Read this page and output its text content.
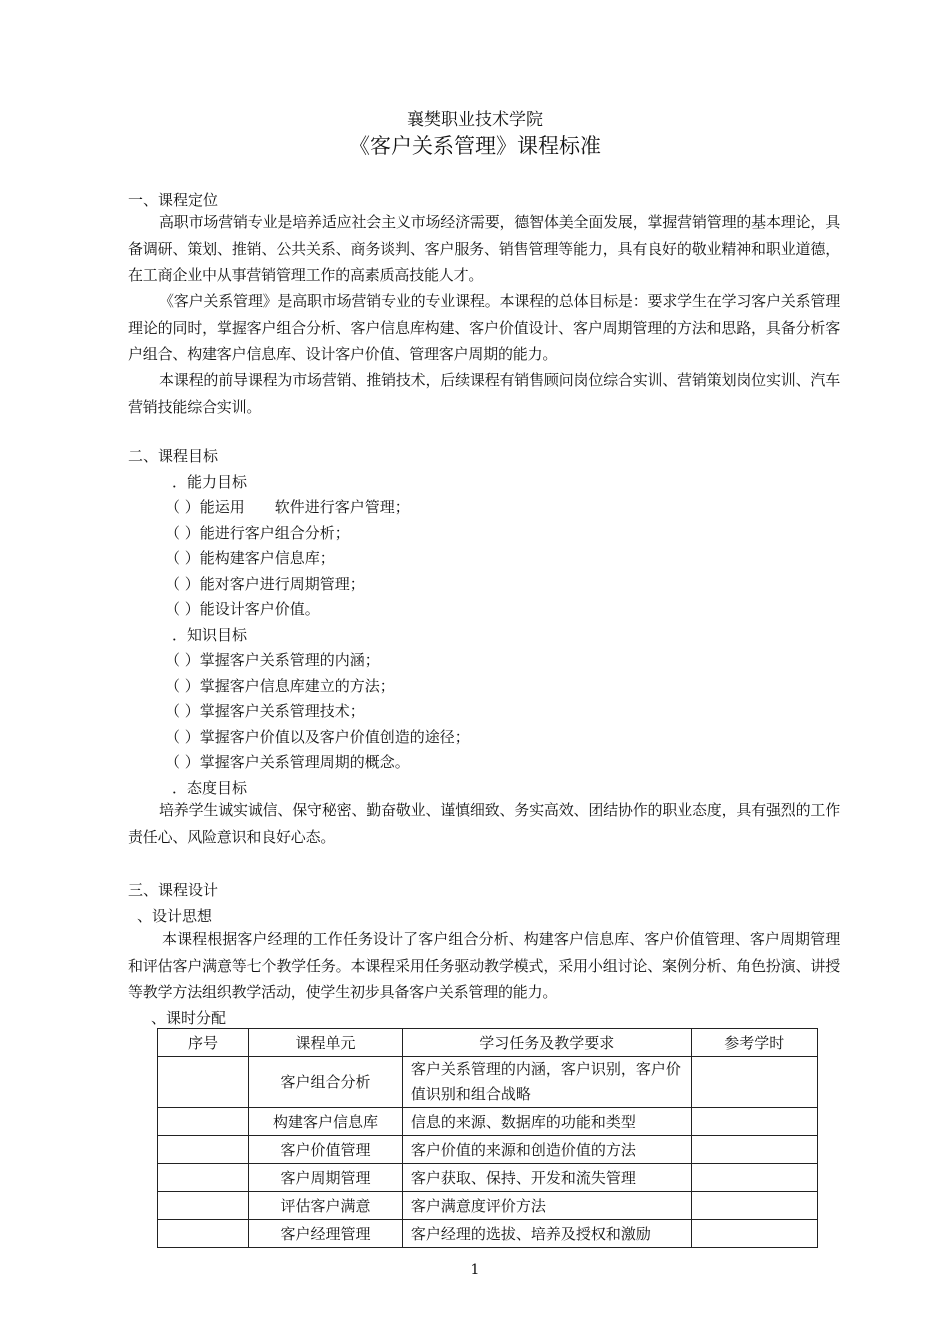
襄樊职业技术学院
《客户关系管理》课程标准
一、课程定位

高职市场营销专业是培养适应社会主义市场经济需要，德智体美全面发展，掌握营销管理的基本理论，具备调研、策划、推销、公共关系、商务谈判、客户服务、销售管理等能力，具有良好的敬业精神和职业道德，在工商企业中从事营销管理工作的高素质高技能人才。

《客户关系管理》是高职市场营销专业的专业课程。本课程的总体目标是：要求学生在学习客户关系管理理论的同时，掌握客户组合分析、客户信息库构建、客户价值设计、客户周期管理的方法和思路，具备分析客户组合、构建客户信息库、设计客户价值、管理客户周期的能力。

本课程的前导课程为市场营销、推销技术，后续课程有销售顾问岗位综合实训、营销策划岗位实训、汽车营销技能综合实训。

二、课程目标
．能力目标
（ ）能运用　　软件进行客户管理；
（ ）能进行客户组合分析；
（ ）能构建客户信息库；
（ ）能对客户进行周期管理；
（ ）能设计客户价值。
．知识目标
（ ）掌握客户关系管理的内涵；
（ ）掌握客户信息库建立的方法；
（ ）掌握客户关系管理技术；
（ ）掌握客户价值以及客户价值创造的途径；
（ ）掌握客户关系管理周期的概念。
．态度目标

培养学生诚实诚信、保守秘密、勤奋敬业、谨慎细致、务实高效、团结协作的职业态度，具有强烈的工作责任心、风险意识和良好心态。

三、课程设计
、设计思想

本课程根据客户经理的工作任务设计了客户组合分析、构建客户信息库、客户价值管理、客户周期管理和评估客户满意等七个教学任务。本课程采用任务驱动教学模式，采用小组讨论、案例分析、角色扮演、讲授等教学方法组织教学活动，使学生初步具备客户关系管理的能力。

、课时分配
序号	课程单元	学习任务及教学要求	参考学时
	客户组合分析	客户关系管理的内涵，客户识别，客户价值识别和组合战略	
	构建客户信息库	信息的来源、数据库的功能和类型	
	客户价值管理	客户价值的来源和创造价值的方法	
	客户周期管理	客户获取、保持、开发和流失管理	
	评估客户满意	客户满意度评价方法	
	客户经理管理	客户经理的选拔、培养及授权和激励	
1
